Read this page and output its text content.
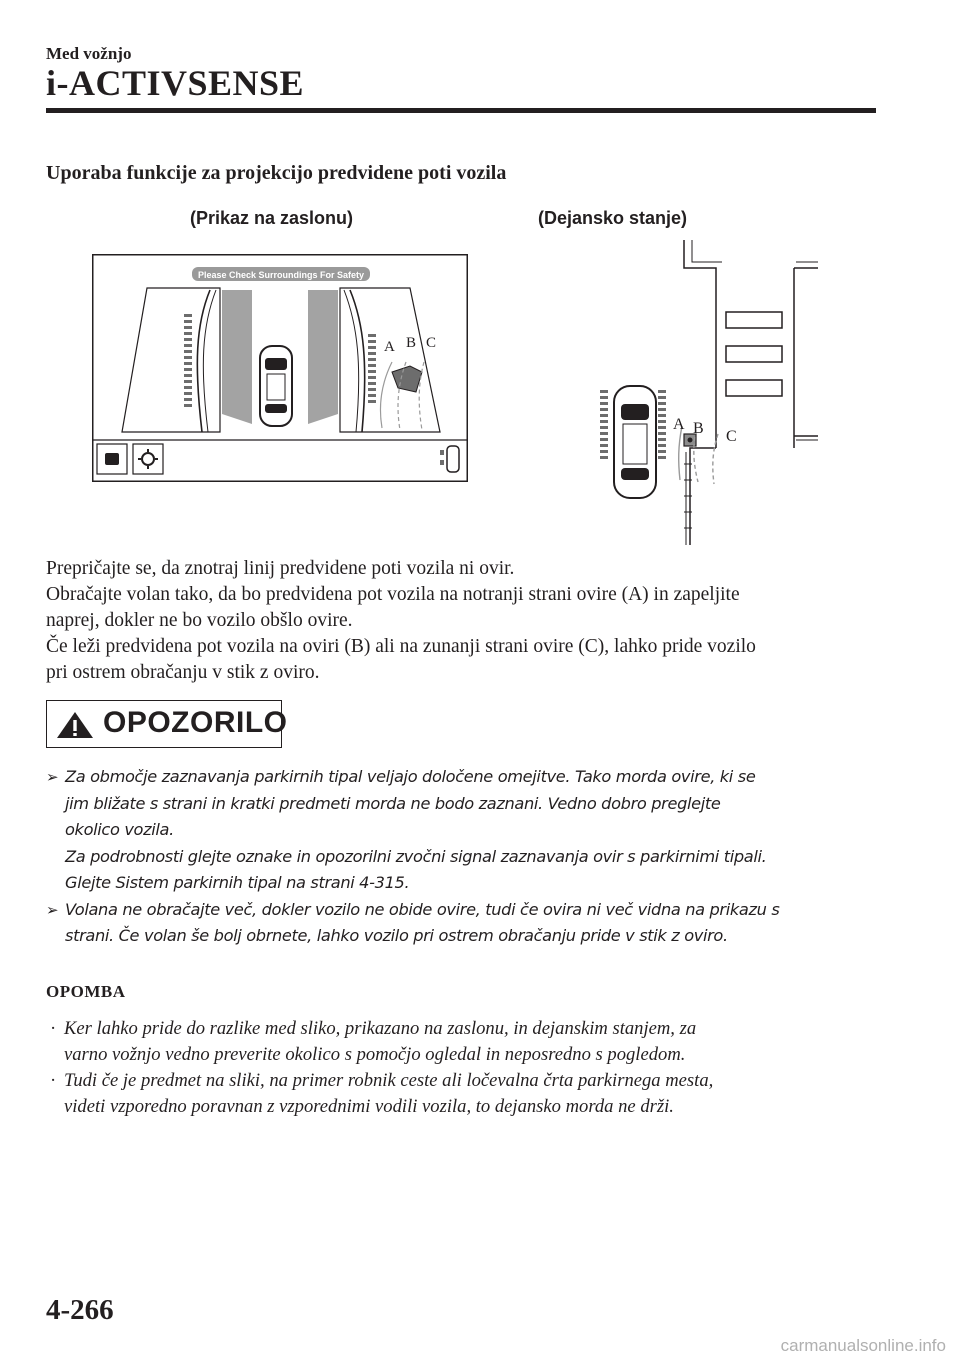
Med vožnjo
i-ACTIVSENSE
Uporaba funkcije za projekcijo predvidene poti vozila
(Prikaz na zaslonu)	(Dejansko stanje)
Please Check Surroundings For Safety
A B C
A B C

Prepričajte se, da znotraj linij predvidene poti vozila ni ovir.

Obračajte volan tako, da bo predvidena pot vozila na notranji strani ovire (A) in zapeljite

naprej, dokler ne bo vozilo obšlo ovire.

Če leži predvidena pot vozila na oviri (B) ali na zunanji strani ovire (C), lahko pride vozilo

pri ostrem obračanju v stik z oviro.

OPOZORILO
➢ Za območje zaznavanja parkirnih tipal veljajo določene omejitve. Tako morda ovire, ki se

jim bližate s strani in kratki predmeti morda ne bodo zaznani. Vedno dobro preglejte

okolico vozila.

Za podrobnosti glejte oznake in opozorilni zvočni signal zaznavanja ovir s parkirnimi tipali.

Glejte Sistem parkirnih tipal na strani 4-315.

➢ Volana ne obračajte več, dokler vozilo ne obide ovire, tudi če ovira ni več vidna na prikazu s

strani. Če volan še bolj obrnete, lahko vozilo pri ostrem obračanju pride v stik z oviro.

OPOMBA
· Ker lahko pride do razlike med sliko, prikazano na zaslonu, in dejanskim stanjem, za

varno vožnjo vedno preverite okolico s pomočjo ogledal in neposredno s pogledom.

· Tudi če je predmet na sliki, na primer robnik ceste ali ločevalna črta parkirnega mesta,

videti vzporedno poravnan z vzporednimi vodili vozila, to dejansko morda ne drži.

4-266
carmanualsonline.info
